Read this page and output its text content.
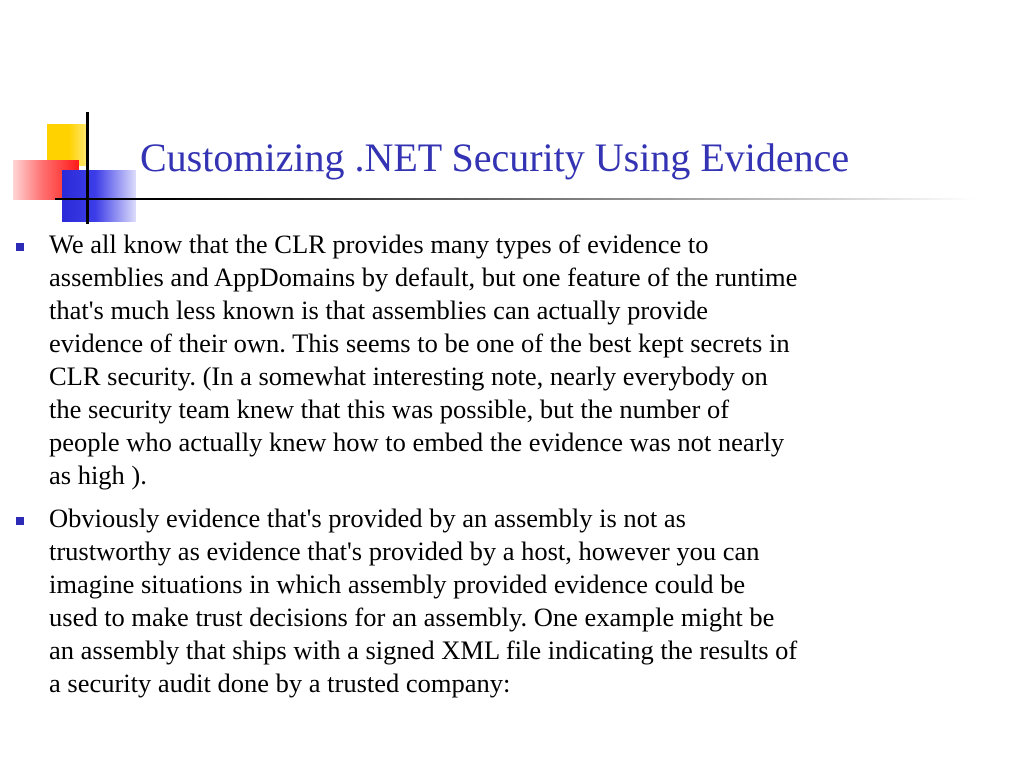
Customizing .NET Security Using Evidence
We all know that the CLR provides many types of evidence to
assemblies and AppDomains by default, but one feature of the runtime
that's much less known is that assemblies can actually provide
evidence of their own. This seems to be one of the best kept secrets in
CLR security. (In a somewhat interesting note, nearly everybody on
the security team knew that this was possible, but the number of
people who actually knew how to embed the evidence was not nearly
as high ).
Obviously evidence that's provided by an assembly is not as
trustworthy as evidence that's provided by a host, however you can
imagine situations in which assembly provided evidence could be
used to make trust decisions for an assembly. One example might be
an assembly that ships with a signed XML file indicating the results of
a security audit done by a trusted company:
